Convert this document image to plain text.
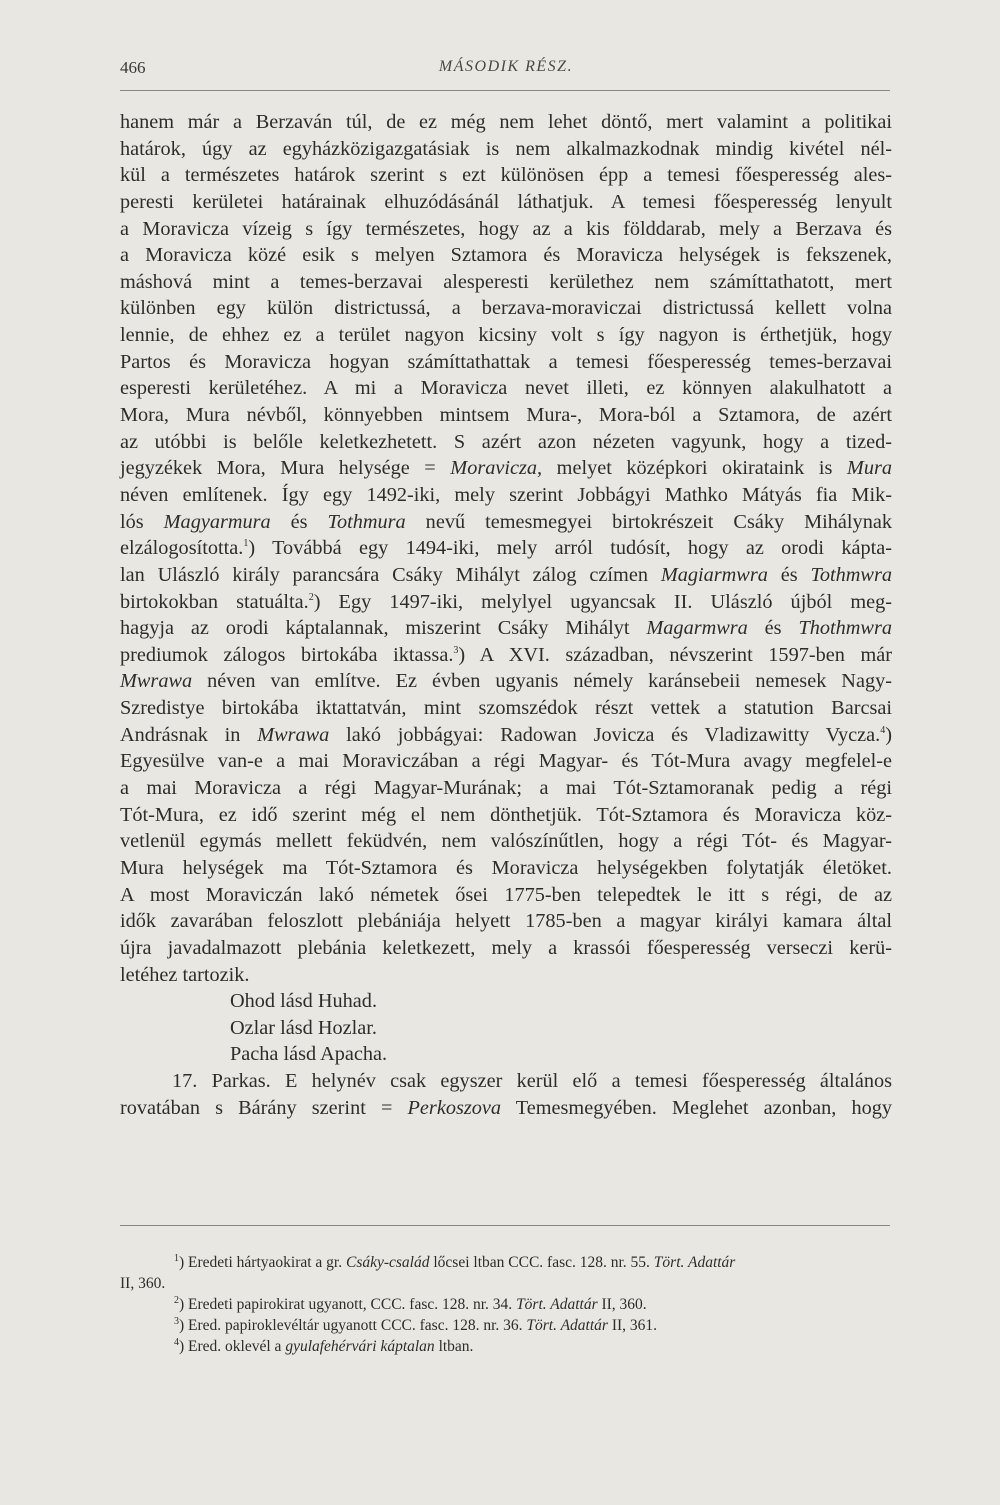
466	MÁSODIK RÉSZ.
hanem már a Berzaván túl, de ez még nem lehet döntő, mert valamint a politikai
határok, úgy az egyházközigazgatásiak is nem alkalmazkodnak mindig kivétel nél-
kül a természetes határok szerint s ezt különösen épp a temesi főesperesség ales-
peresti kerületei határainak elhuzódásánál láthatjuk. A temesi főesperesség lenyult
a Moravicza vízeig s így természetes, hogy az a kis földdarab, mely a Berzava és
a Moravicza közé esik s melyen Sztamora és Moravicza helységek is fekszenek,
máshová mint a temes-berzavai alesperesti kerülethez nem számíttathatott, mert
különben egy külön districtussá, a berzava-moraviczai districtussá kellett volna
lennie, de ehhez ez a terület nagyon kicsiny volt s így nagyon is érthetjük, hogy
Partos és Moravicza hogyan számíttathattak a temesi főesperesség temes-berzavai
esperesti kerületéhez. A mi a Moravicza nevet illeti, ez könnyen alakulhatott a
Mora, Mura névből, könnyebben mintsem Mura-, Mora-ból a Sztamora, de azért
az utóbbi is belőle keletkezhetett. S azért azon nézeten vagyunk, hogy a tized-
jegyzékek Mora, Mura helysége = Moravicza, melyet középkori okirataink is Mura
néven említenek. Így egy 1492-iki, mely szerint Jobbágyi Mathko Mátyás fia Mik-
lós Magyarmura és Tothmura nevű temesmegyei birtokrészeit Csáky Mihálynak
elzálogosította.$^1$) Továbbá egy 1494-iki, mely arról tudósít, hogy az orodi kápta-
lan Ulászló király parancsára Csáky Mihályt zálog czímen Magiarmwra és Tothmwra
birtokokban statuálta.$^2$) Egy 1497-iki, melylyel ugyancsak II. Ulászló újból meg-
hagyja az orodi káptalannak, miszerint Csáky Mihályt Magarmwra és Thothmwra
prediumok zálogos birtokába iktassa.$^3$) A XVI. században, névszerint 1597-ben már
Mwrawa néven van említve. Ez évben ugyanis némely karánsebeii nemesek Nagy-
Szredistye birtokába iktattatván, mint szomszédok részt vettek a statution Barcsai
Andrásnak in Mwrawa lakó jobbágyai: Radowan Jovicza és Vladizawitty Vycza.$^4$)
Egyesülve van-e a mai Moraviczában a régi Magyar- és Tót-Mura avagy megfelel-e
a mai Moravicza a régi Magyar-Murának; a mai Tót-Sztamoranak pedig a régi
Tót-Mura, ez idő szerint még el nem dönthetjük. Tót-Sztamora és Moravicza köz-
vetlenül egymás mellett feküdvén, nem valószínűtlen, hogy a régi Tót- és Magyar-
Mura helységek ma Tót-Sztamora és Moravicza helységekben folytatják életöket.
A most Moraviczán lakó németek ősei 1775-ben telepedtek le itt s régi, de az
idők zavarában feloszlott plebániája helyett 1785-ben a magyar királyi kamara által
újra javadalmazott plebánia keletkezett, mely a krassói főesperesség verseczi kerü-
letéhez tartozik.
Ohod lásd Huhad.
Ozlar lásd Hozlar.
Pacha lásd Apacha.
17. Parkas. E helynév csak egyszer kerül elő a temesi főesperesség általános
rovatában s Bárány szerint = Perkoszova Temesmegyében. Meglehet azonban, hogy
$^1$) Eredeti hártyaokirat a gr. Csáky-család lőcsei ltban CCC. fasc. 128. nr. 55. Tört. Adattár
II, 360.
$^2$) Eredeti papirokirat ugyanott, CCC. fasc. 128. nr. 34. Tört. Adattár II, 360.
$^3$) Ered. papiroklevéltár ugyanott CCC. fasc. 128. nr. 36. Tört. Adattár II, 361.
$^4$) Ered. oklevél a gyulafehérvári káptalan ltban.
